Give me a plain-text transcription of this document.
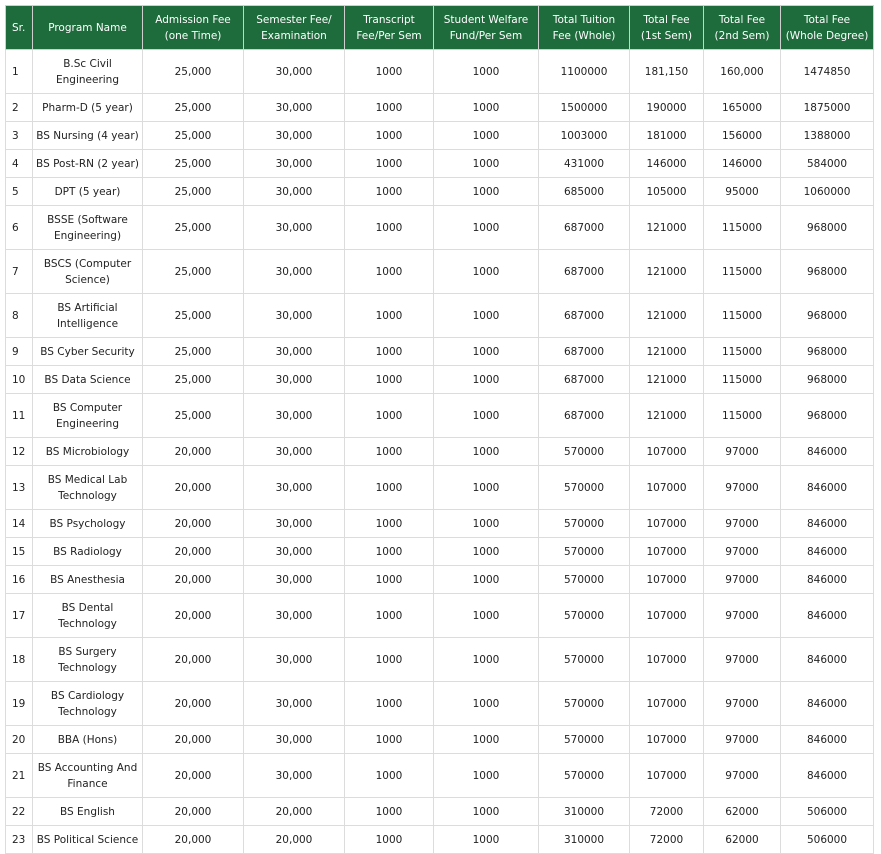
Sr.	Program Name	Admission Fee (one Time)	Semester Fee/ Examination	Transcript Fee/Per Sem	Student Welfare Fund/Per Sem	Total Tuition Fee (Whole)	Total Fee (1st Sem)	Total Fee (2nd Sem)	Total Fee (Whole Degree)
1	B.Sc Civil Engineering	25,000	30,000	1000	1000	1100000	181,150	160,000	1474850
2	Pharm-D (5 year)	25,000	30,000	1000	1000	1500000	190000	165000	1875000
3	BS Nursing (4 year)	25,000	30,000	1000	1000	1003000	181000	156000	1388000
4	BS Post-RN (2 year)	25,000	30,000	1000	1000	431000	146000	146000	584000
5	DPT (5 year)	25,000	30,000	1000	1000	685000	105000	95000	1060000
6	BSSE (Software Engineering)	25,000	30,000	1000	1000	687000	121000	115000	968000
7	BSCS (Computer Science)	25,000	30,000	1000	1000	687000	121000	115000	968000
8	BS Artificial Intelligence	25,000	30,000	1000	1000	687000	121000	115000	968000
9	BS Cyber Security	25,000	30,000	1000	1000	687000	121000	115000	968000
10	BS Data Science	25,000	30,000	1000	1000	687000	121000	115000	968000
11	BS Computer Engineering	25,000	30,000	1000	1000	687000	121000	115000	968000
12	BS Microbiology	20,000	30,000	1000	1000	570000	107000	97000	846000
13	BS Medical Lab Technology	20,000	30,000	1000	1000	570000	107000	97000	846000
14	BS Psychology	20,000	30,000	1000	1000	570000	107000	97000	846000
15	BS Radiology	20,000	30,000	1000	1000	570000	107000	97000	846000
16	BS Anesthesia	20,000	30,000	1000	1000	570000	107000	97000	846000
17	BS Dental Technology	20,000	30,000	1000	1000	570000	107000	97000	846000
18	BS Surgery Technology	20,000	30,000	1000	1000	570000	107000	97000	846000
19	BS Cardiology Technology	20,000	30,000	1000	1000	570000	107000	97000	846000
20	BBA (Hons)	20,000	30,000	1000	1000	570000	107000	97000	846000
21	BS Accounting And Finance	20,000	30,000	1000	1000	570000	107000	97000	846000
22	BS English	20,000	20,000	1000	1000	310000	72000	62000	506000
23	BS Political Science	20,000	20,000	1000	1000	310000	72000	62000	506000
